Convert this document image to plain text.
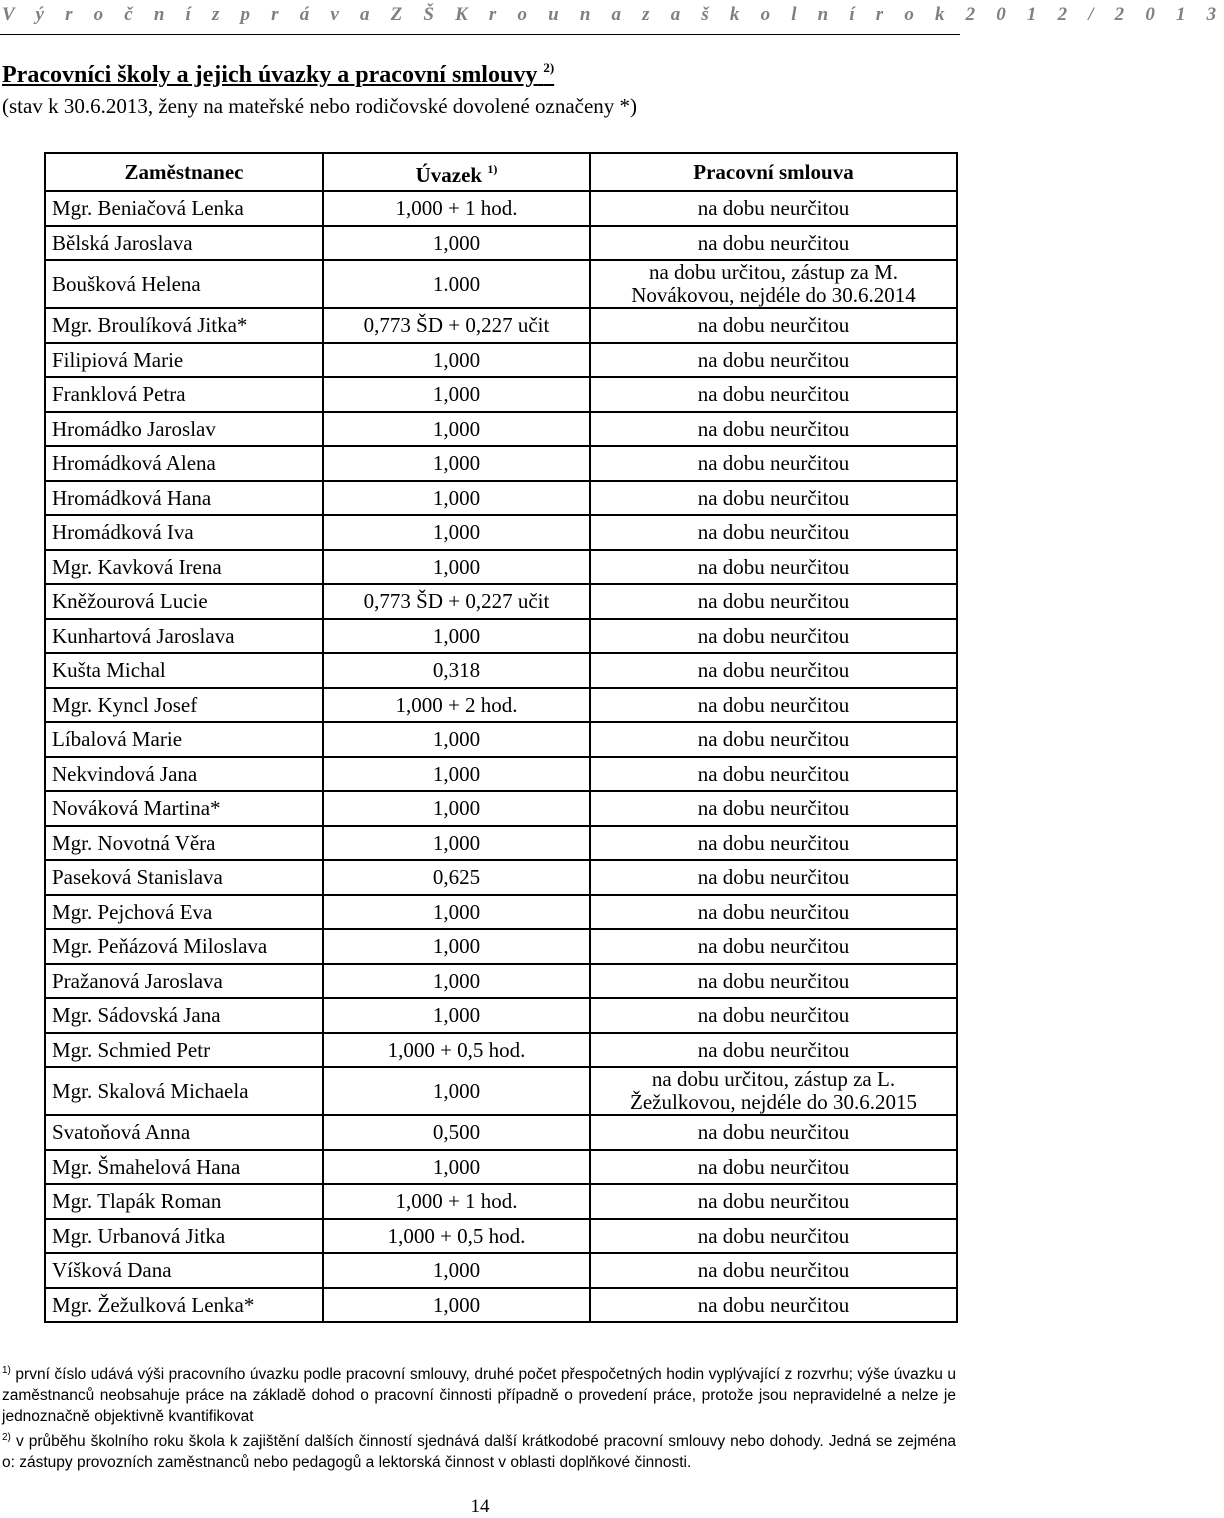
V ý r o č n í z p r á v a Z Š K r o u n a z a š k o l n í r o k 2 0 1 2 / 2 0 1 3
Pracovníci školy a jejich úvazky a pracovní smlouvy $^{2)}$
(stav k 30.6.2013, ženy na mateřské nebo rodičovské dovolené označeny *)
Zaměstnanec	Úvazek $^{1)}$	Pracovní smlouva
Mgr. Beniačová Lenka	1,000 + 1 hod.	na dobu neurčitou
Bělská Jaroslava	1,000	na dobu neurčitou
Boušková Helena	1.000	na dobu určitou, zástup za M. Novákovou, nejdéle do 30.6.2014
Mgr. Broulíková Jitka*	0,773 ŠD + 0,227 učit	na dobu neurčitou
Filipiová Marie	1,000	na dobu neurčitou
Franklová Petra	1,000	na dobu neurčitou
Hromádko Jaroslav	1,000	na dobu neurčitou
Hromádková Alena	1,000	na dobu neurčitou
Hromádková Hana	1,000	na dobu neurčitou
Hromádková Iva	1,000	na dobu neurčitou
Mgr. Kavková Irena	1,000	na dobu neurčitou
Kněžourová Lucie	0,773 ŠD + 0,227 učit	na dobu neurčitou
Kunhartová Jaroslava	1,000	na dobu neurčitou
Kušta Michal	0,318	na dobu neurčitou
Mgr. Kyncl Josef	1,000 + 2 hod.	na dobu neurčitou
Líbalová Marie	1,000	na dobu neurčitou
Nekvindová Jana	1,000	na dobu neurčitou
Nováková Martina*	1,000	na dobu neurčitou
Mgr. Novotná Věra	1,000	na dobu neurčitou
Paseková Stanislava	0,625	na dobu neurčitou
Mgr. Pejchová Eva	1,000	na dobu neurčitou
Mgr. Peňázová Miloslava	1,000	na dobu neurčitou
Pražanová Jaroslava	1,000	na dobu neurčitou
Mgr. Sádovská Jana	1,000	na dobu neurčitou
Mgr. Schmied Petr	1,000 + 0,5 hod.	na dobu neurčitou
Mgr. Skalová Michaela	1,000	na dobu určitou, zástup za L. Žežulkovou, nejdéle do 30.6.2015
Svatoňová Anna	0,500	na dobu neurčitou
Mgr. Šmahelová Hana	1,000	na dobu neurčitou
Mgr. Tlapák Roman	1,000 + 1 hod.	na dobu neurčitou
Mgr. Urbanová Jitka	1,000 + 0,5 hod.	na dobu neurčitou
Víšková Dana	1,000	na dobu neurčitou
Mgr. Žežulková Lenka*	1,000	na dobu neurčitou

$^{1)}$ první číslo udává výši pracovního úvazku podle pracovní smlouvy, druhé počet přespočetných hodin vyplývající z rozvrhu; výše úvazku u zaměstnanců neobsahuje práce na základě dohod o pracovní činnosti případně o provedení práce, protože jsou nepravidelné a nelze je jednoznačně objektivně kvantifikovat

$^{2)}$ v průběhu školního roku škola k zajištění dalších činností sjednává další krátkodobé pracovní smlouvy nebo dohody. Jedná se zejména o: zástupy provozních zaměstnanců nebo pedagogů a lektorská činnost v oblasti doplňkové činnosti.

14
